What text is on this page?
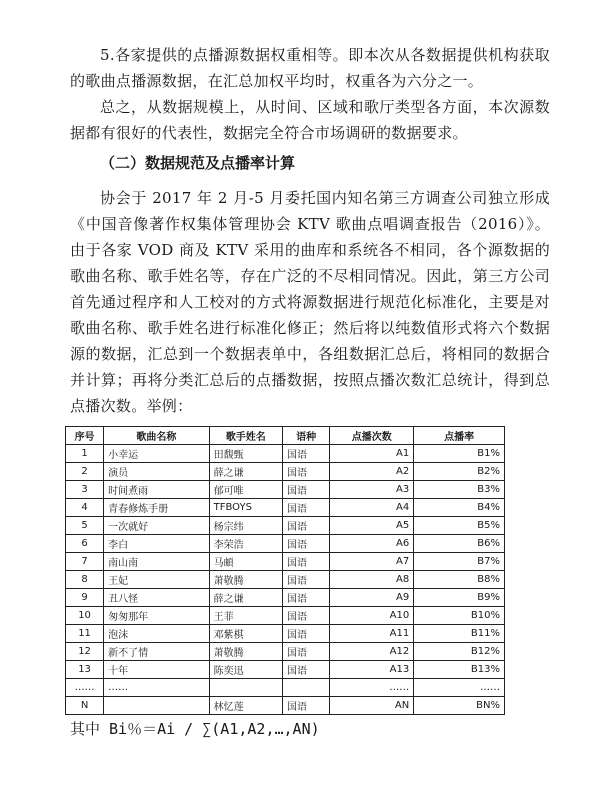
5.各家提供的点播源数据权重相等。即本次从各数据提供机构获取的歌曲点播源数据，在汇总加权平均时，权重各为六分之一。

总之，从数据规模上，从时间、区域和歌厅类型各方面，本次源数据都有很好的代表性，数据完全符合市场调研的数据要求。

（二）数据规范及点播率计算

协会于 2017 年 2 月-5 月委托国内知名第三方调查公司独立形成《中国音像著作权集体管理协会 KTV 歌曲点唱调查报告（2016）》。由于各家 VOD 商及 KTV 采用的曲库和系统各不相同，各个源数据的歌曲名称、歌手姓名等，存在广泛的不尽相同情况。因此，第三方公司首先通过程序和人工校对的方式将源数据进行规范化标准化，主要是对歌曲名称、歌手姓名进行标准化修正；然后将以纯数值形式将六个数据源的数据，汇总到一个数据表单中，各组数据汇总后，将相同的数据合并计算；再将分类汇总后的点播数据，按照点播次数汇总统计，得到总点播次数。举例：

序号	歌曲名称	歌手姓名	语种	点播次数	点播率
1	小幸运	田馥甄	国语	A1	B1%
2	演员	薛之谦	国语	A2	B2%
3	时间煮雨	郁可唯	国语	A3	B3%
4	青春修炼手册	TFBOYS	国语	A4	B4%
5	一次就好	杨宗纬	国语	A5	B5%
6	李白	李荣浩	国语	A6	B6%
7	南山南	马頔	国语	A7	B7%
8	王妃	萧敬腾	国语	A8	B8%
9	丑八怪	薛之谦	国语	A9	B9%
10	匆匆那年	王菲	国语	A10	B10%
11	泡沫	邓紫棋	国语	A11	B11%
12	新不了情	萧敬腾	国语	A12	B12%
13	十年	陈奕迅	国语	A13	B13%
……	……			……	……
N		林忆莲	国语	AN	BN%

其中 Bi％＝Ai / ∑(A1,A2,…,AN)
